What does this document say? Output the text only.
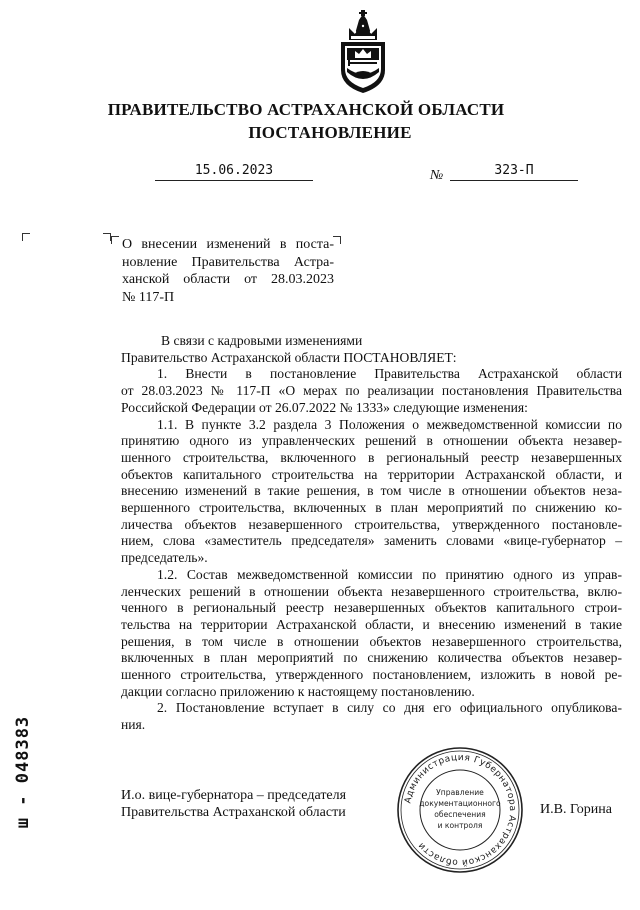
ПРАВИТЕЛЬСТВО АСТРАХАНСКОЙ ОБЛАСТИ
ПОСТАНОВЛЕНИЕ
15.06.2023	№	323-П
О внесении изменений в поста-
новление Правительства Астра-
ханской области от 28.03.2023
№ 117-П
В связи с кадровыми изменениями
Правительство Астраханской области ПОСТАНОВЛЯЕТ:
1. Внести в постановление Правительства Астраханской области
от 28.03.2023 № 117-П «О мерах по реализации постановления Правительства
Российской Федерации от 26.07.2022 № 1333» следующие изменения:
1.1. В пункте 3.2 раздела 3 Положения о межведомственной комиссии по
принятию одного из управленческих решений в отношении объекта незавер-
шенного строительства, включенного в региональный реестр незавершенных
объектов капитального строительства на территории Астраханской области, и
внесению изменений в такие решения, в том числе в отношении объектов неза-
вершенного строительства, включенных в план мероприятий по снижению ко-
личества объектов незавершенного строительства, утвержденного постановле-
нием, слова «заместитель председателя» заменить словами «вице-губернатор –
председатель».
1.2. Состав межведомственной комиссии по принятию одного из управ-
ленческих решений в отношении объекта незавершенного строительства, вклю-
ченного в региональный реестр незавершенных объектов капитального строи-
тельства на территории Астраханской области, и внесению изменений в такие
решения, в том числе в отношении объектов незавершенного строительства,
включенных в план мероприятий по снижению количества объектов незавер-
шенного строительства, утвержденного постановлением, изложить в новой ре-
дакции согласно приложению к настоящему постановлению.
2. Постановление вступает в силу со дня его официального опубликова-
ния.
И.о. вице-губернатора – председателя
Правительства Астраханской области
Администрация Губернатора Астраханской области
Управление
документационного
обеспечения
и контроля
И.В. Горина
ш - 048383
